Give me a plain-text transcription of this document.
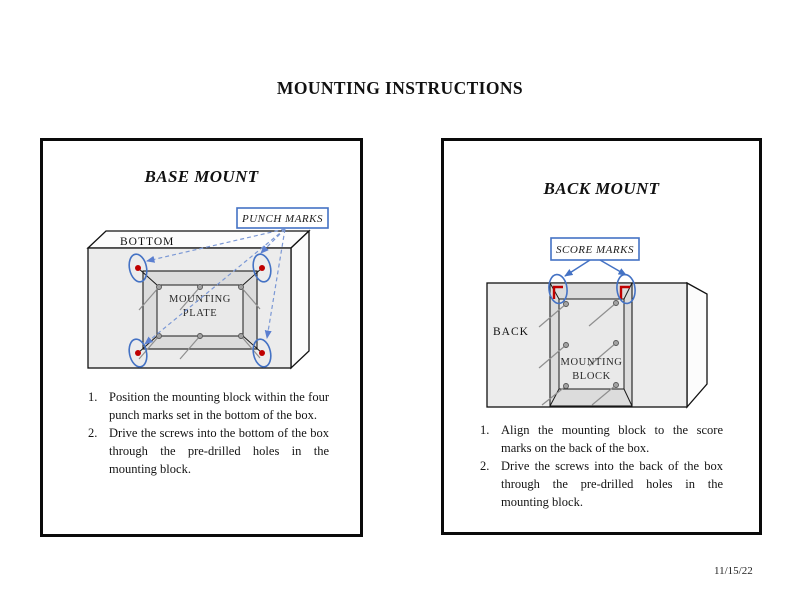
MOUNTING INSTRUCTIONS
BASE MOUNT
BOTTOM
MOUNTING
PLATE
PUNCH MARKS
Position the mounting block within the four punch marks set in the bottom of the box.
Drive the screws into the bottom of the box through the pre-drilled holes in the mounting block.
BACK MOUNT
BACK
MOUNTING
BLOCK
SCORE MARKS
Align the mounting block to the score marks on the back of the box.
Drive the screws into the back of the box through the pre-drilled holes in the mounting block.
11/15/22
